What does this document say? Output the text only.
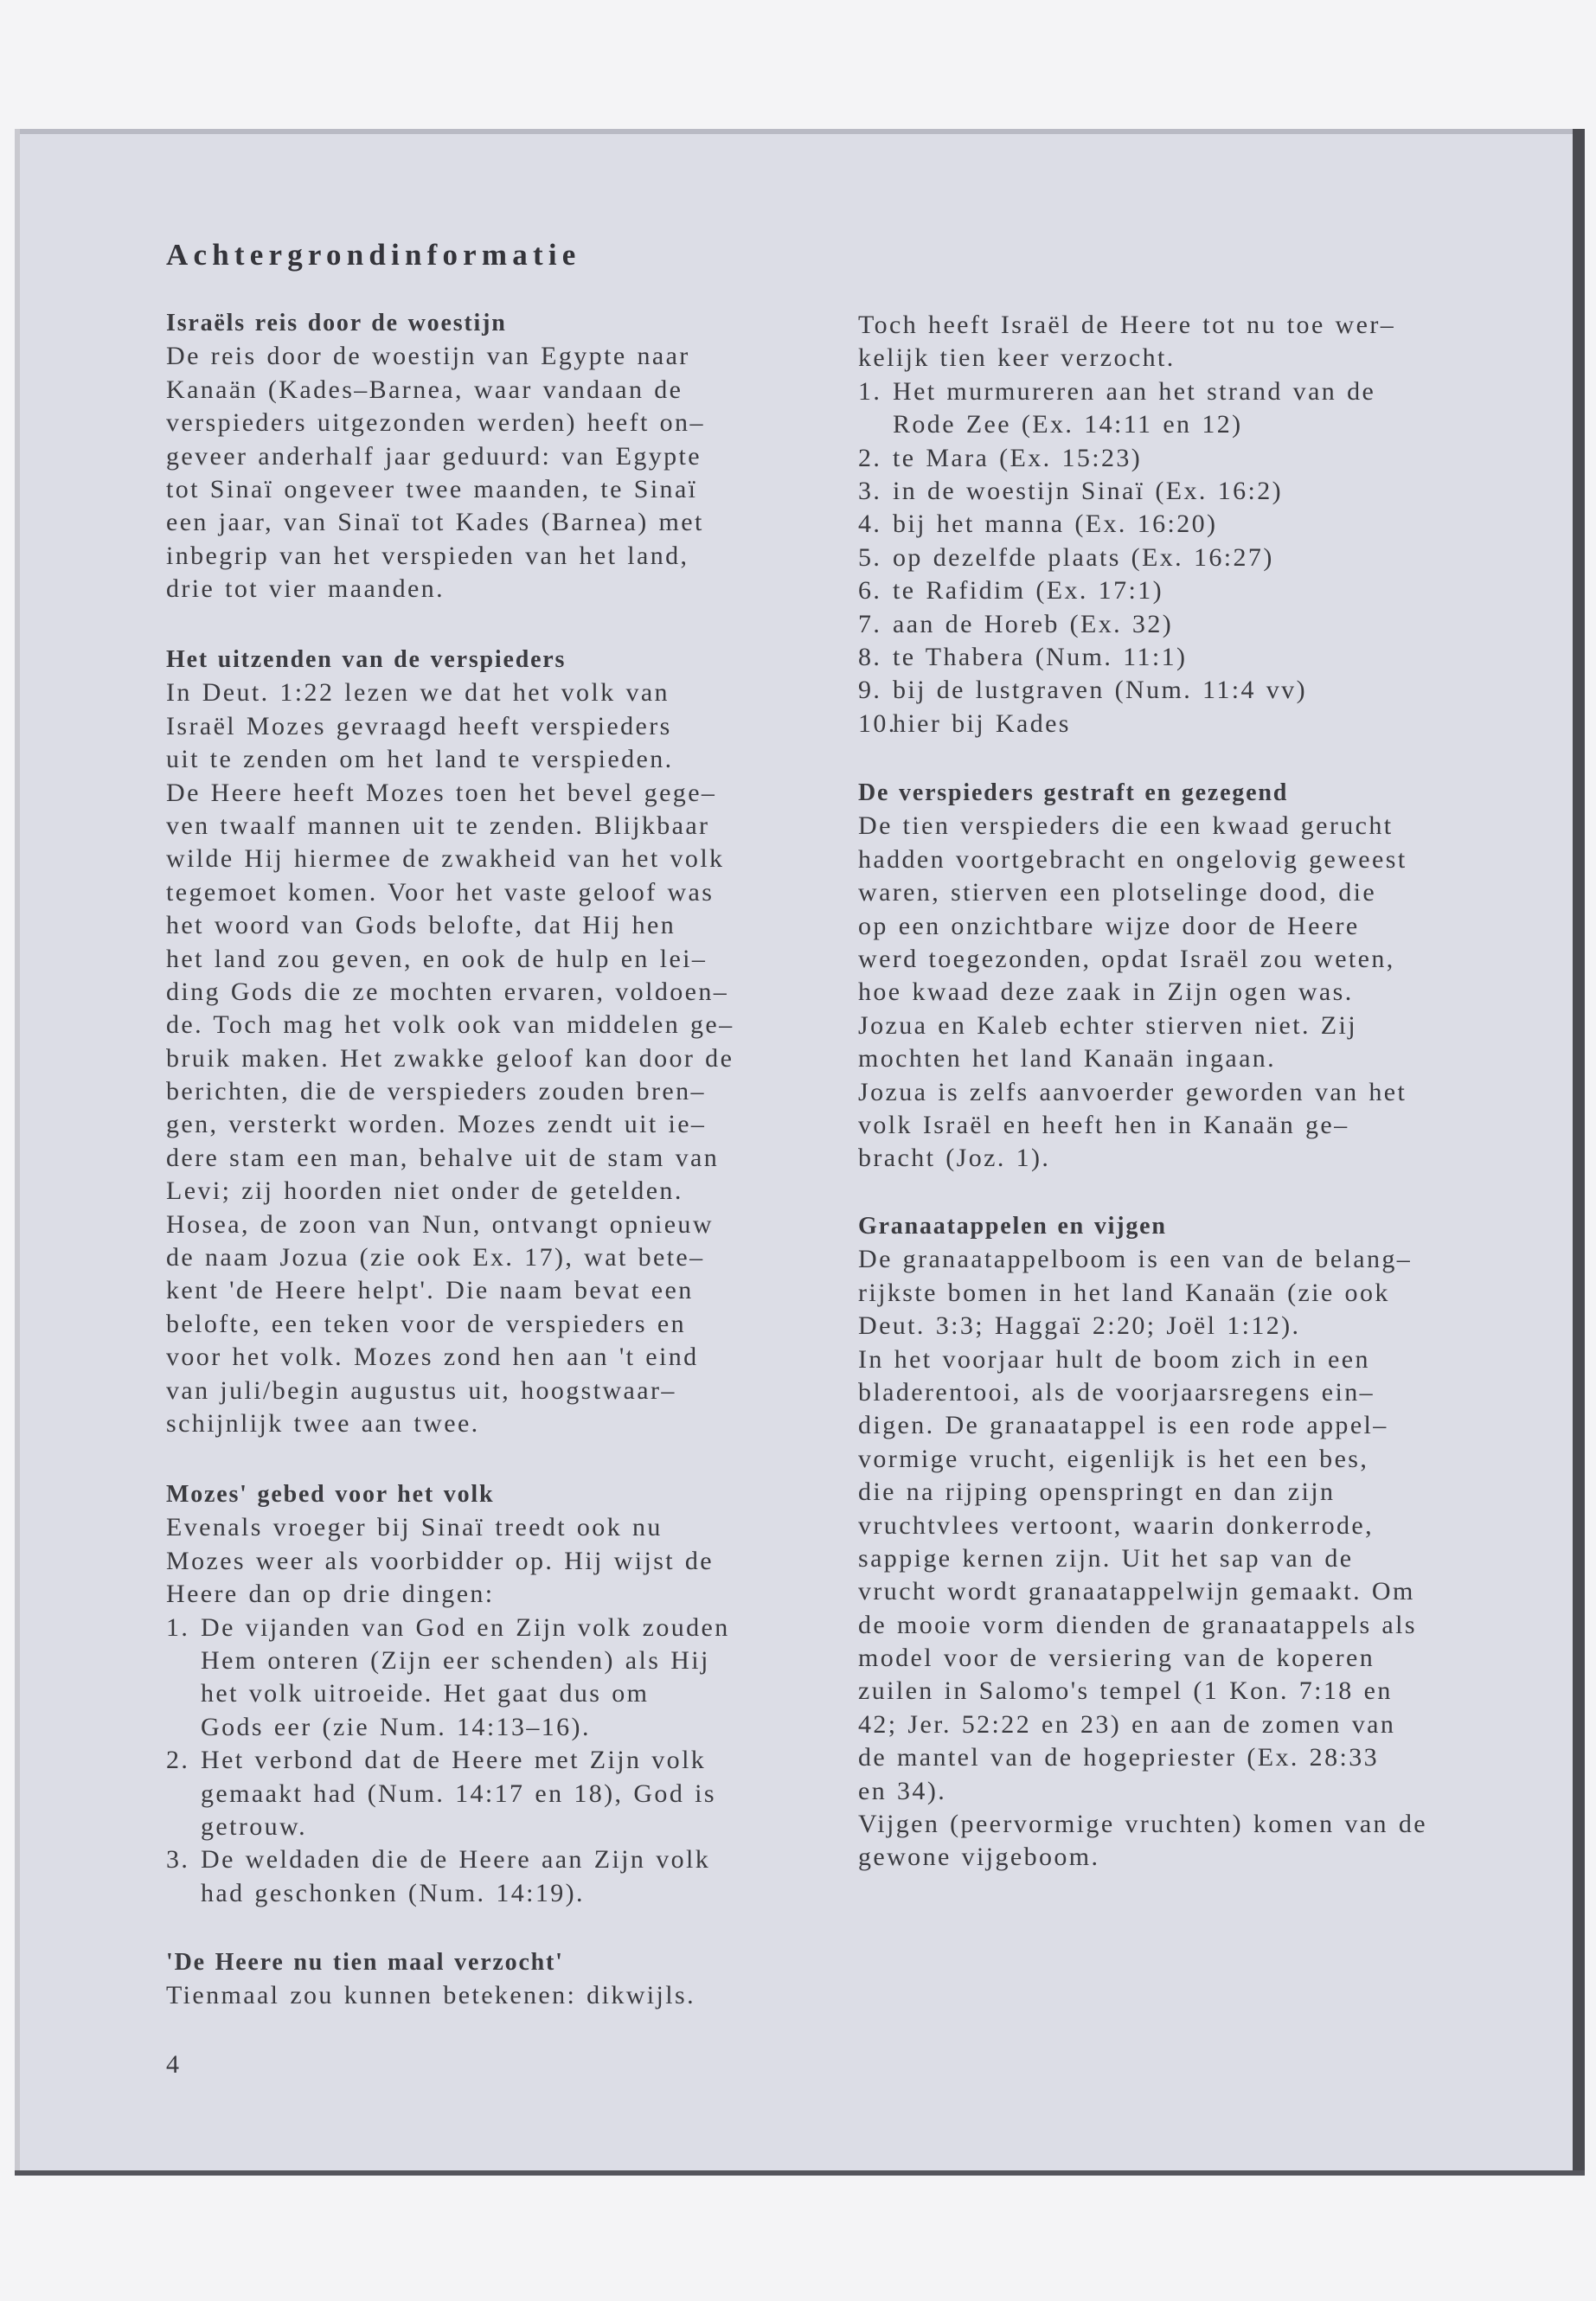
Achtergrondinformatie
Israëls reis door de woestijn
De reis door de woestijn van Egypte naar
Kanaän (Kades–Barnea, waar vandaan de
verspieders uitgezonden werden) heeft on–
geveer anderhalf jaar geduurd: van Egypte
tot Sinaï ongeveer twee maanden, te Sinaï
een jaar, van Sinaï tot Kades (Barnea) met
inbegrip van het verspieden van het land,
drie tot vier maanden.
Het uitzenden van de verspieders
In Deut. 1:22 lezen we dat het volk van
Israël Mozes gevraagd heeft verspieders
uit te zenden om het land te verspieden.
De Heere heeft Mozes toen het bevel gege–
ven twaalf mannen uit te zenden. Blijkbaar
wilde Hij hiermee de zwakheid van het volk
tegemoet komen. Voor het vaste geloof was
het woord van Gods belofte, dat Hij hen
het land zou geven, en ook de hulp en lei–
ding Gods die ze mochten ervaren, voldoen–
de. Toch mag het volk ook van middelen ge–
bruik maken. Het zwakke geloof kan door de
berichten, die de verspieders zouden bren–
gen, versterkt worden. Mozes zendt uit ie–
dere stam een man, behalve uit de stam van
Levi; zij hoorden niet onder de getelden.
Hosea, de zoon van Nun, ontvangt opnieuw
de naam Jozua (zie ook Ex. 17), wat bete–
kent 'de Heere helpt'. Die naam bevat een
belofte, een teken voor de verspieders en
voor het volk. Mozes zond hen aan 't eind
van juli/begin augustus uit, hoogstwaar–
schijnlijk twee aan twee.
Mozes' gebed voor het volk
Evenals vroeger bij Sinaï treedt ook nu
Mozes weer als voorbidder op. Hij wijst de
Heere dan op drie dingen:
1. De vijanden van God en Zijn volk zouden
Hem onteren (Zijn eer schenden) als Hij
het volk uitroeide. Het gaat dus om
Gods eer (zie Num. 14:13–16).
2. Het verbond dat de Heere met Zijn volk
gemaakt had (Num. 14:17 en 18), God is
getrouw.
3. De weldaden die de Heere aan Zijn volk
had geschonken (Num. 14:19).
'De Heere nu tien maal verzocht'
Tienmaal zou kunnen betekenen: dikwijls.
Toch heeft Israël de Heere tot nu toe wer–
kelijk tien keer verzocht.
1. Het murmureren aan het strand van de
Rode Zee (Ex. 14:11 en 12)
2. te Mara (Ex. 15:23)
3. in de woestijn Sinaï (Ex. 16:2)
4. bij het manna (Ex. 16:20)
5. op dezelfde plaats (Ex. 16:27)
6. te Rafidim (Ex. 17:1)
7. aan de Horeb (Ex. 32)
8. te Thabera (Num. 11:1)
9. bij de lustgraven (Num. 11:4 vv)
10.hier bij Kades
De verspieders gestraft en gezegend
De tien verspieders die een kwaad gerucht
hadden voortgebracht en ongelovig geweest
waren, stierven een plotselinge dood, die
op een onzichtbare wijze door de Heere
werd toegezonden, opdat Israël zou weten,
hoe kwaad deze zaak in Zijn ogen was.
Jozua en Kaleb echter stierven niet. Zij
mochten het land Kanaän ingaan.
Jozua is zelfs aanvoerder geworden van het
volk Israël en heeft hen in Kanaän ge–
bracht (Joz. 1).
Granaatappelen en vijgen
De granaatappelboom is een van de belang–
rijkste bomen in het land Kanaän (zie ook
Deut. 3:3; Haggaï 2:20; Joël 1:12).
In het voorjaar hult de boom zich in een
bladerentooi, als de voorjaarsregens ein–
digen. De granaatappel is een rode appel–
vormige vrucht, eigenlijk is het een bes,
die na rijping openspringt en dan zijn
vruchtvlees vertoont, waarin donkerrode,
sappige kernen zijn. Uit het sap van de
vrucht wordt granaatappelwijn gemaakt. Om
de mooie vorm dienden de granaatappels als
model voor de versiering van de koperen
zuilen in Salomo's tempel (1 Kon. 7:18 en
42; Jer. 52:22 en 23) en aan de zomen van
de mantel van de hogepriester (Ex. 28:33
en 34).
Vijgen (peervormige vruchten) komen van de
gewone vijgeboom.
4
